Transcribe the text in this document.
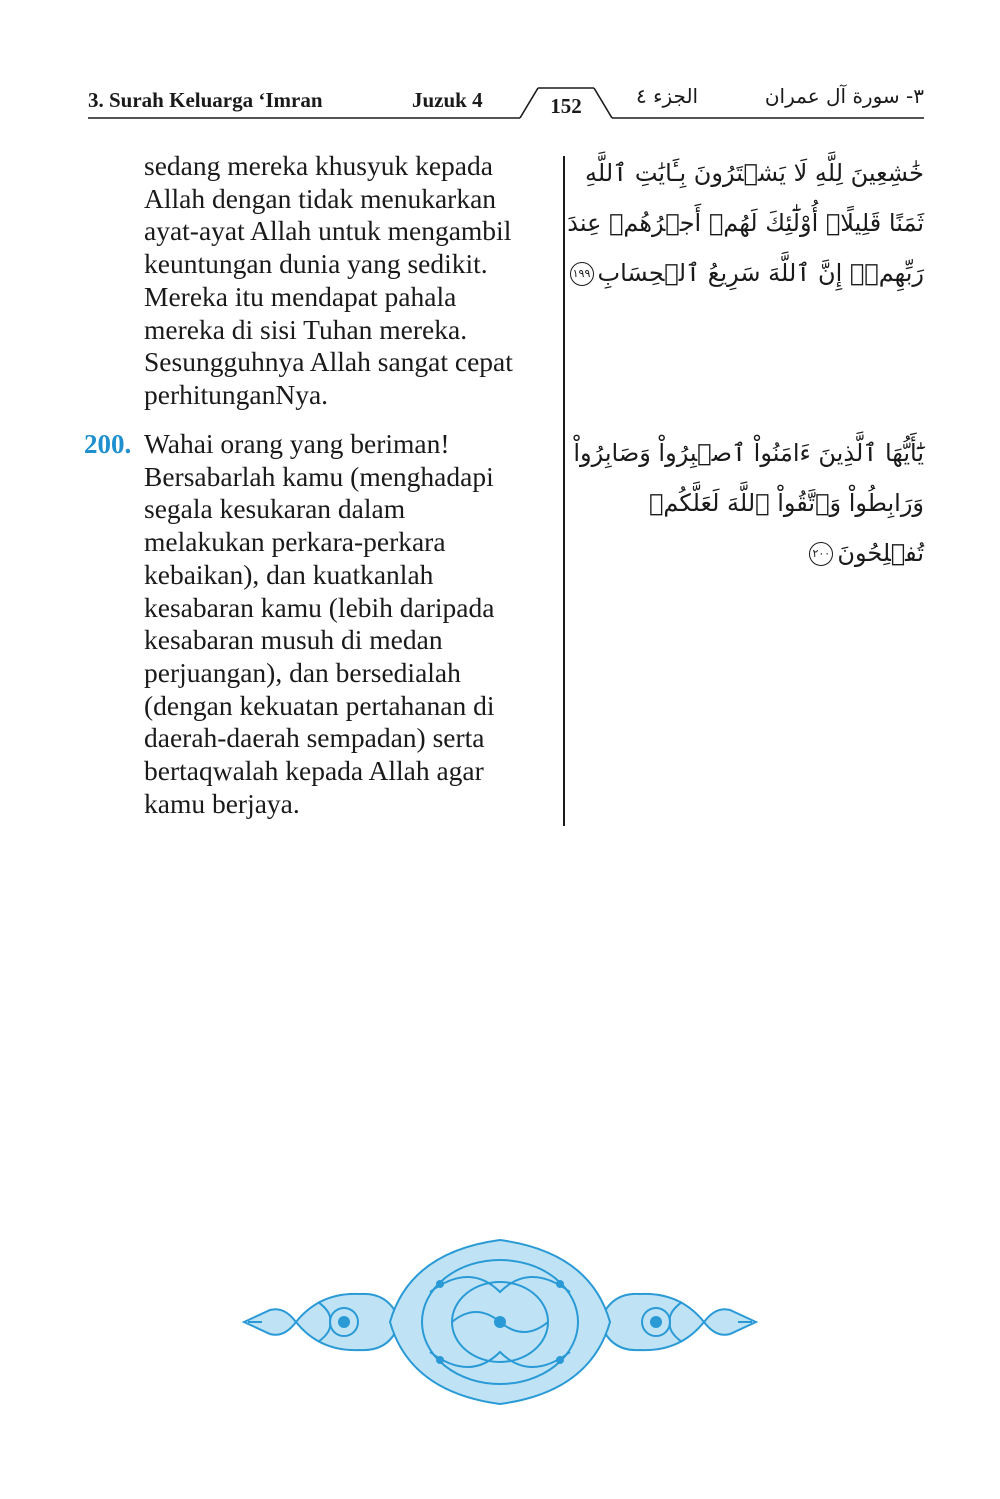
3. Surah Keluarga ‘Imran	Juzuk 4	152	الجزء ٤	٣- سورة آل عمران
sedang mereka khusyuk kepada
Allah dengan tidak menukarkan
ayat-ayat Allah untuk mengambil
keuntungan dunia yang sedikit.
Mereka itu mendapat pahala
mereka di sisi Tuhan mereka.
Sesungguhnya Allah sangat cepat
perhitunganNya.
خَٰشِعِينَ لِلَّهِ لَا يَشۡتَرُونَ بِـَٔايَٰتِ ٱللَّهِ
ثَمَنًا قَلِيلًاۚ أُوْلَٰٓئِكَ لَهُمۡ أَجۡرُهُمۡ عِندَ
رَبِّهِمۡۗ إِنَّ ٱللَّهَ سَرِيعُ ٱلۡحِسَابِ١٩٩
200. Wahai orang yang beriman!
Bersabarlah kamu (menghadapi
segala kesukaran dalam
melakukan perkara-perkara
kebaikan), dan kuatkanlah
kesabaran kamu (lebih daripada
kesabaran musuh di medan
perjuangan), dan bersedialah
(dengan kekuatan pertahanan di
daerah-daerah sempadan) serta
bertaqwalah kepada Allah agar
kamu berjaya.
يَٰٓأَيُّهَا ٱلَّذِينَ ءَامَنُواْ ٱصۡبِرُواْ وَصَابِرُواْ
وَرَابِطُواْ وَٱتَّقُواْ ٱللَّهَ لَعَلَّكُمۡ
تُفۡلِحُونَ٢٠٠
